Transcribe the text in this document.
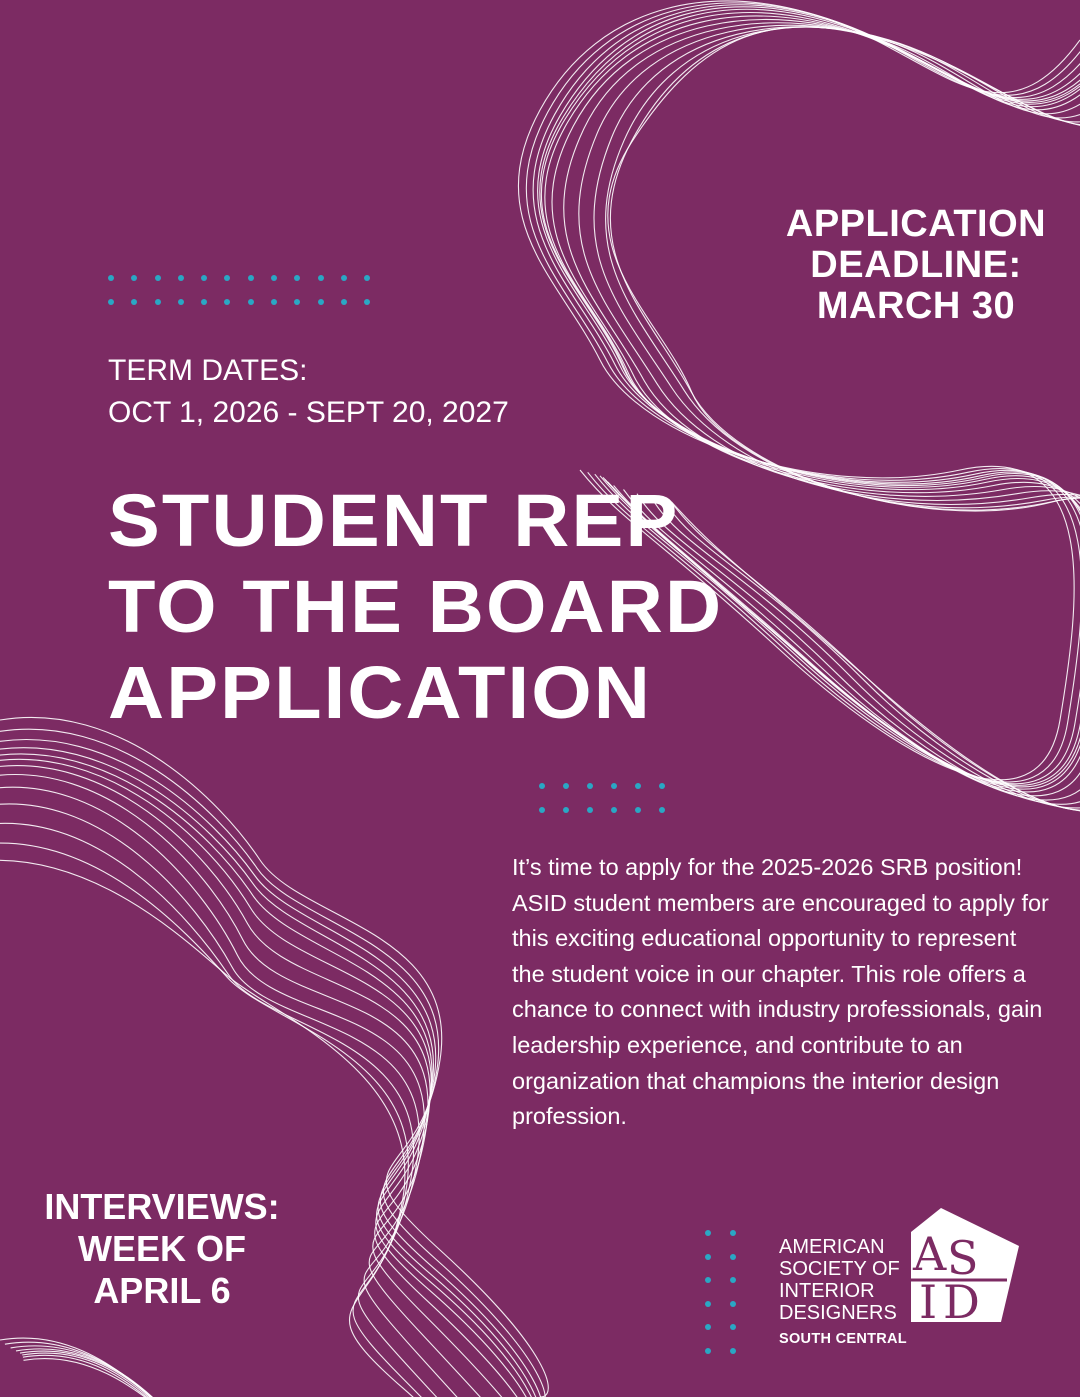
APPLICATION
DEADLINE:
MARCH 30
TERM DATES:
OCT 1, 2026 - SEPT 20, 2027
STUDENT REP
TO THE BOARD
APPLICATION
It’s time to apply for the 2025-2026 SRB position! ASID student members are encouraged to apply for this exciting educational opportunity to represent the student voice in our chapter. This role offers a chance to connect with industry professionals, gain leadership experience, and contribute to an organization that champions the interior design profession.
INTERVIEWS:
WEEK OF
APRIL 6
AMERICAN
SOCIETY OF
INTERIOR
DESIGNERS
SOUTH CENTRAL
A S
I D
